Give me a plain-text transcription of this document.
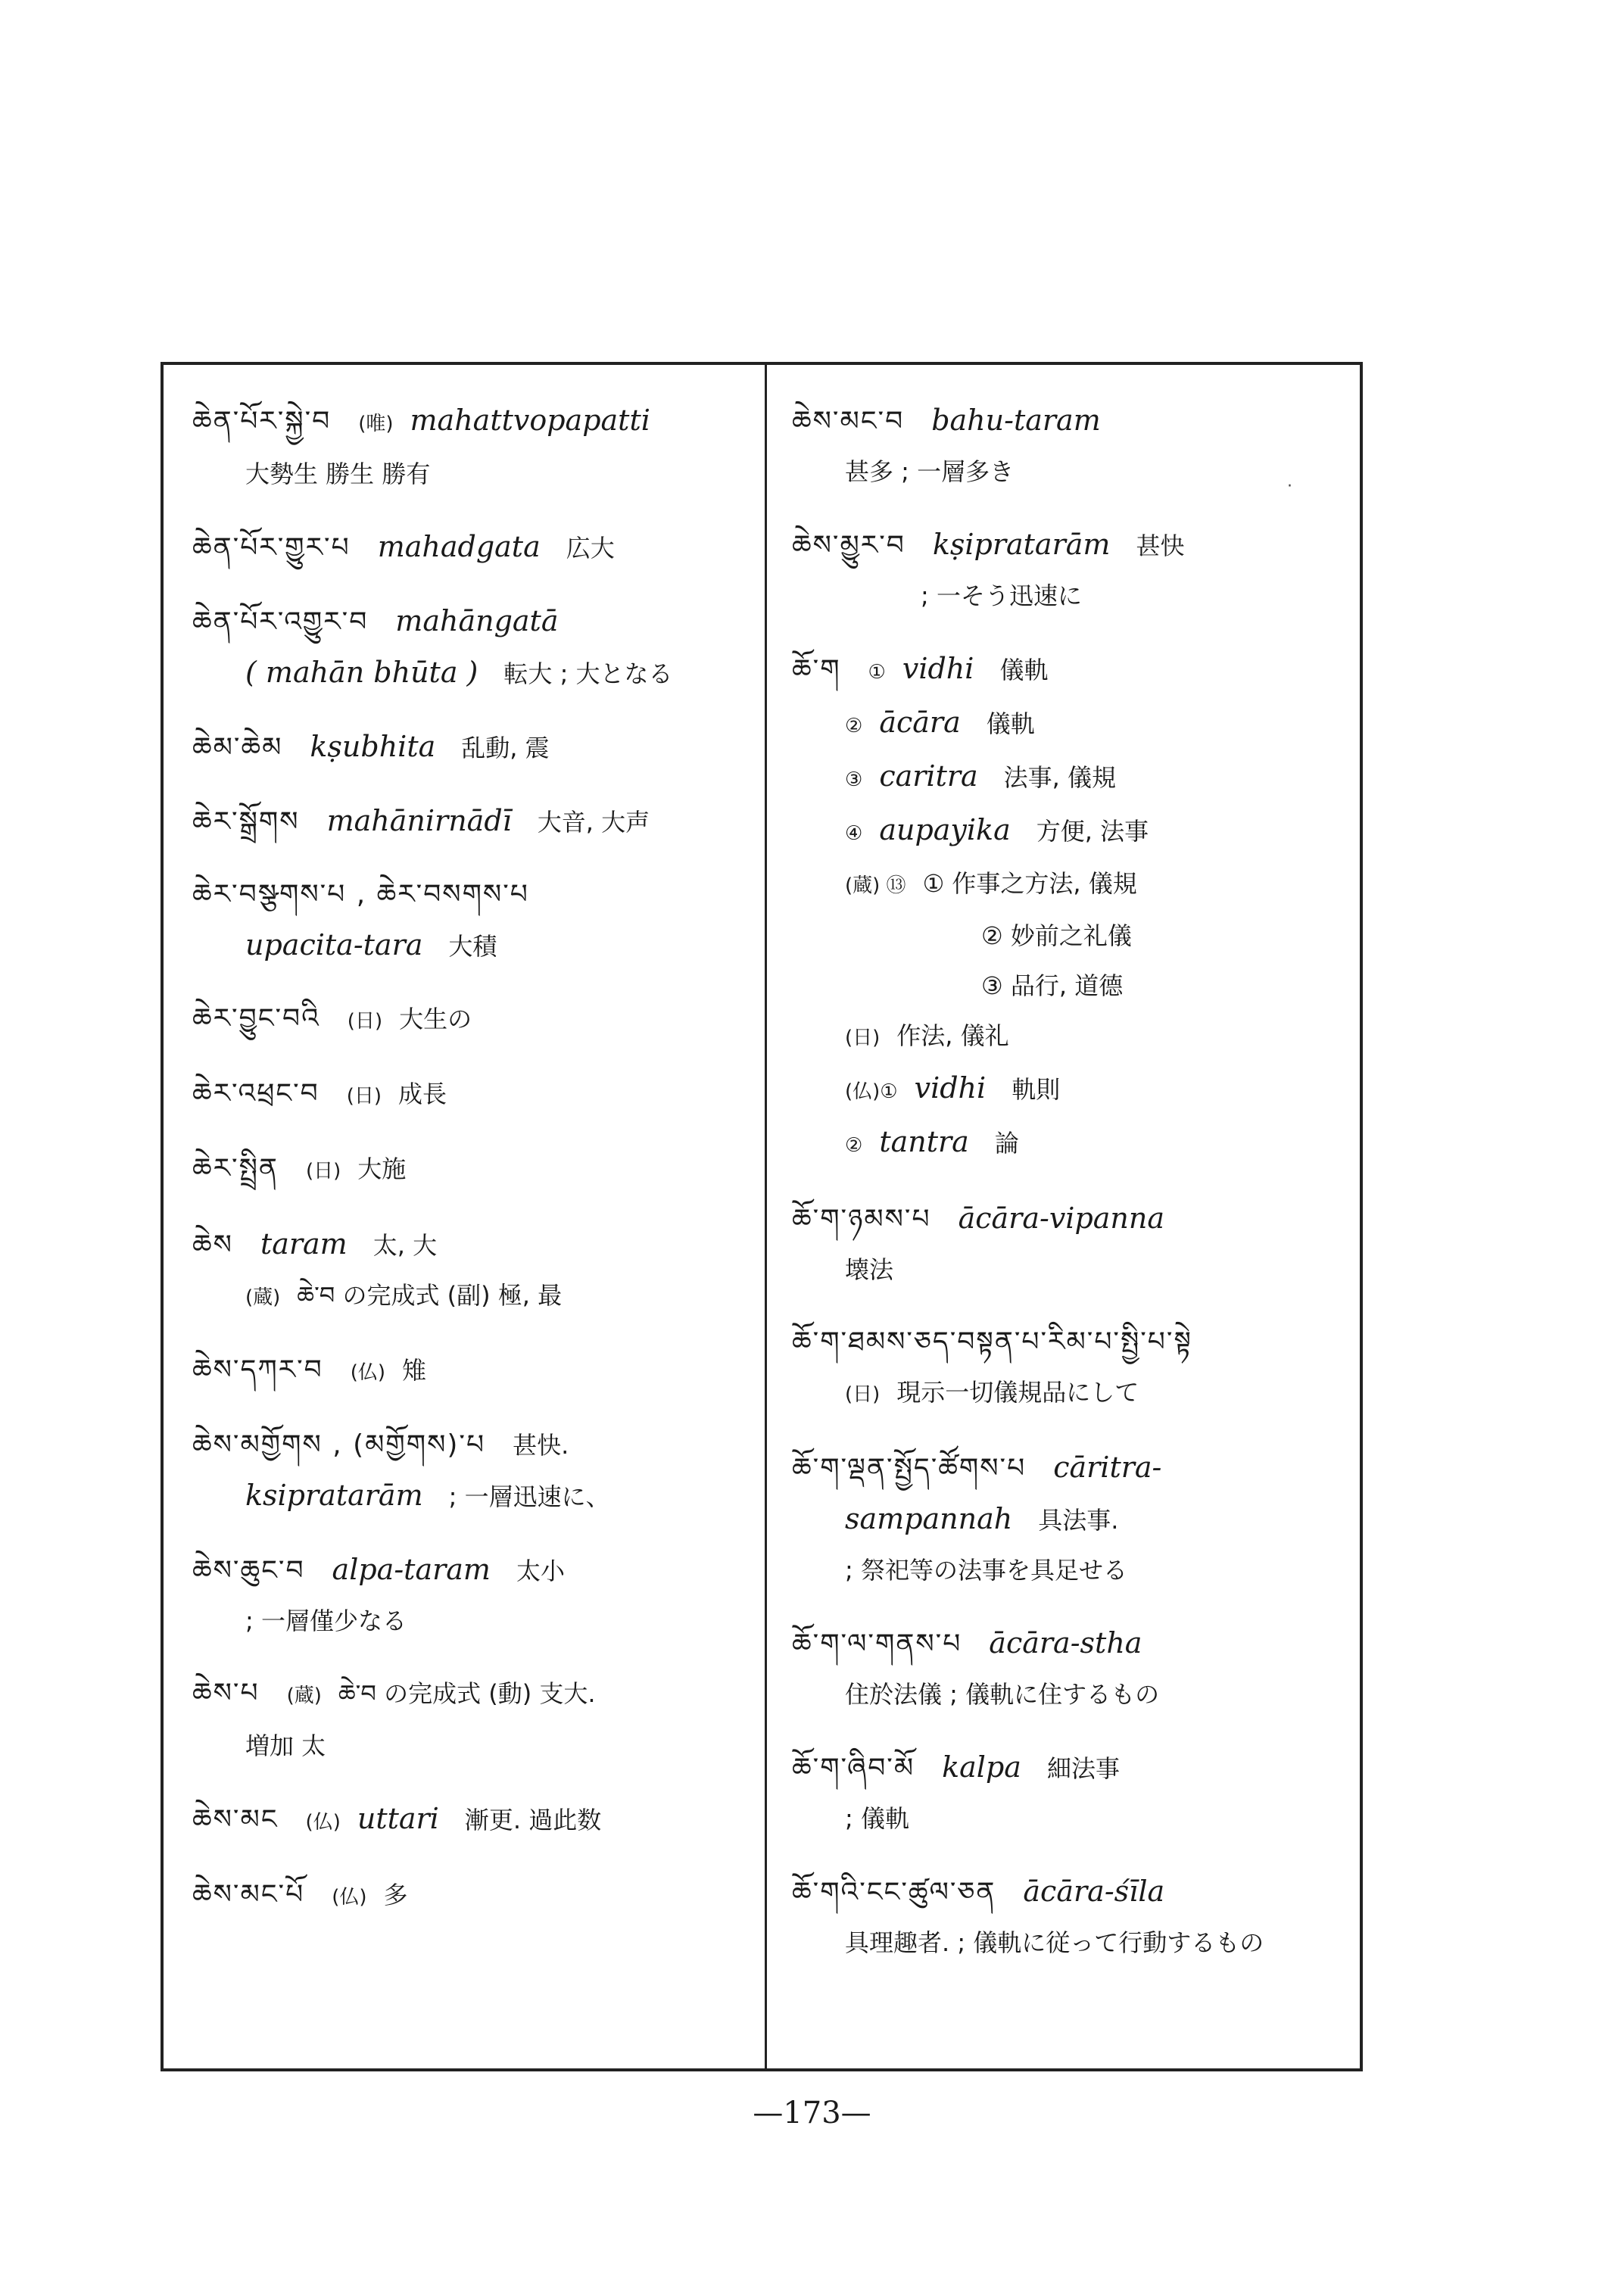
ཆེན་པོར་སྐྱེ་བ (唯) mahattvopapatti
大勢生 勝生 勝有
ཆེན་པོར་གྱུར་པ mahadgata 広大
ཆེན་པོར་འགྱུར་བ mahāngatā
( mahān bhūta ) 転大 ; 大となる
ཆེམ་ཆེམ kṣubhita 乱動, 震
ཆེར་སྒྲོགས mahānirnādī 大音, 大声
ཆེར་བསྩགས་པ , ཆེར་བསགས་པ
upacita-tara 大積
ཆེར་བྱུང་བའི (日) 大生の
ཆེར་འཕྲང་བ (日) 成長
ཆེར་སྤྲིན (日) 大施
ཆེས taram 太, 大
(蔵) ཆེ་བ の完成式 (副) 極, 最
ཆེས་དཀར་བ (仏) 雉
ཆེས་མགྱོགས , (མགྱོགས)་པ 甚快.
ksipratarām ; 一層迅速に、
ཆེས་ཆུང་བ alpa-taram 太小
; 一層僅少なる
ཆེས་པ (蔵) ཆེ་བ の完成式 (動) 支大.
増加 太
ཆེས་མང (仏) uttari 漸更. 過此数
ཆེས་མང་པོ (仏) 多
ཆེས་མང་བ bahu-taram
甚多 ; 一層多き
ཆེས་མྱུར་བ kṣipratarām 甚快
; 一そう迅速に
ཆོ་ག ① vidhi 儀軌
② ācāra 儀軌
③ caritra 法事, 儀規
④ aupayika 方便, 法事
(蔵) ⑬ ① 作事之方法, 儀規
② 妙前之礼儀
③ 品行, 道德
(日) 作法, 儀礼
(仏)① vidhi 軌則
② tantra 論
ཆོ་ག་ཉམས་པ ācāra-vipanna
壊法
ཆོ་ག་ཐམས་ཅད་བསྟན་པ་རིམ་པ་སྤྱི་པ་སྟེ
(日) 現示一切儀規品にして
ཆོ་ག་ལྡན་སྤྱོད་ཚོགས་པ cāritra-
sampannah 具法事.
; 祭祀等の法事を具足せる
ཆོ་ག་ལ་གནས་པ ācāra-stha
住於法儀 ; 儀軌に住するもの
ཆོ་ག་ཞིབ་མོ kalpa 細法事
; 儀軌
ཆོ་གའི་ངང་ཚུལ་ཅན ācāra-śīla
具理趣者. ; 儀軌に従って行動するもの
·
—173—
